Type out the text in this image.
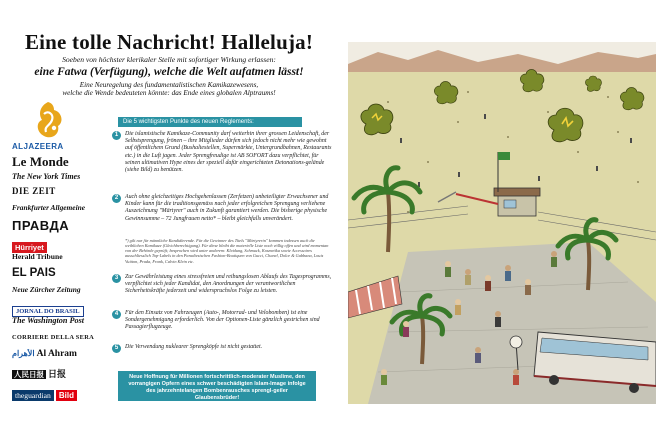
Eine tolle Nachricht! Halleluja!
Soeben von höchster klerikaler Stelle mit sofortiger Wirkung erlassen:
eine Fatwa (Verfügung), welche die Welt aufatmen lässt!
Eine Neuregelung des fundamentalistischen Kamikazewesens,
welche die Wende bedeuteten könnte: das Ende eines globalen Alptraums!
ALJAZEERA
Le Monde
The New York Times
DIE ZEIT
Frankfurter Allgemeine
ПРАВДА
Hürriyet
Herald Tribune
EL PAÍS
Neue Zürcher Zeitung
JORNAL DO BRASIL
The Washington Post
CORRIERE DELLA SERA
الأهرام Al Ahram
人民日报 日报
theguardian Bild
Die 5 wichtigsten Punkte des neuen Reglements:
1	Die islamistische Kamikaze-Community darf weiterhin ihrer grossen Leidenschaft, der Selbstsprengung, frönen – ihre Mitglieder dürfen sich jedoch nicht mehr wie gewohnt auf öffentlichem Grund (Bushaltestellen, Supermärkte, Untergrundbahnen, Restaurants etc.) in die Luft jagen. Jeder Sprengfreudige ist AB SOFORT dazu verpflichtet, für seinen ultimativen Hype eines der speziell dafür eingerichteten Detonations-gelände (siehe Bild) zu benützen.
2	Auch ohne gleichzeitiges Hochgehenlassen (Zerfetzen) unbeteiligter Erwachsener und Kinder kann für die traditionsgemäss nach jeder erfolgreichen Sprengung verliehene Auszeichnung "Märtyrer" auch in Zukunft garantiert werden. Die bisherige physische Gewinnsumme – 72 Jungfrauen netto* – bleibt gleichfalls unverändert.
*) gilt nur für männliche Kandidierende. Für die Gewinner des Titels "Märtyrerin" kommen indessen auch die weiblichen Kamikaze (Gleichberechtigung). Für diese bleibt die materielle Liste noch völlig offen und wird momentan von der Behörde geprüft; besprochen wird unter anderem: Kleidung, Schmuck, Kosmetika sowie Accessoires ausschliesslich Top-Labels in den Paradiesischen Fashion-Boutiquen von Gucci, Chanel, Dolce & Gabbana, Louis Vuitton, Prada, Frank, Calvin Klein etc.
3	Zur Gewährleistung eines stressfreien und reibungslosen Ablaufs des Tagesprogramms, verpflichtet sich jeder Kandidat, den Anordnungen der verantwortlichen Sicherheitskräfte jederzeit und widerspruchslos Folge zu leisten.
4	Für den Einsatz von Fahrzeugen (Auto-, Motorrad- und Velobomben) ist eine Sondergenehmigung erforderlich. Von der Optionen-Liste gänzlich gestrichen sind Passagierflugzeuge.
5	Die Verwendung nuklearer Sprengköpfe ist nicht gestattet.
Neue Hoffnung für Millionen fortschrittlich-moderater Muslime, den vorrangigen Opfern eines schwer beschädigten Islam-Image infolge des jahrzehntelangen Bombenrausches sprengl-geiler Glaubensbrüder!
